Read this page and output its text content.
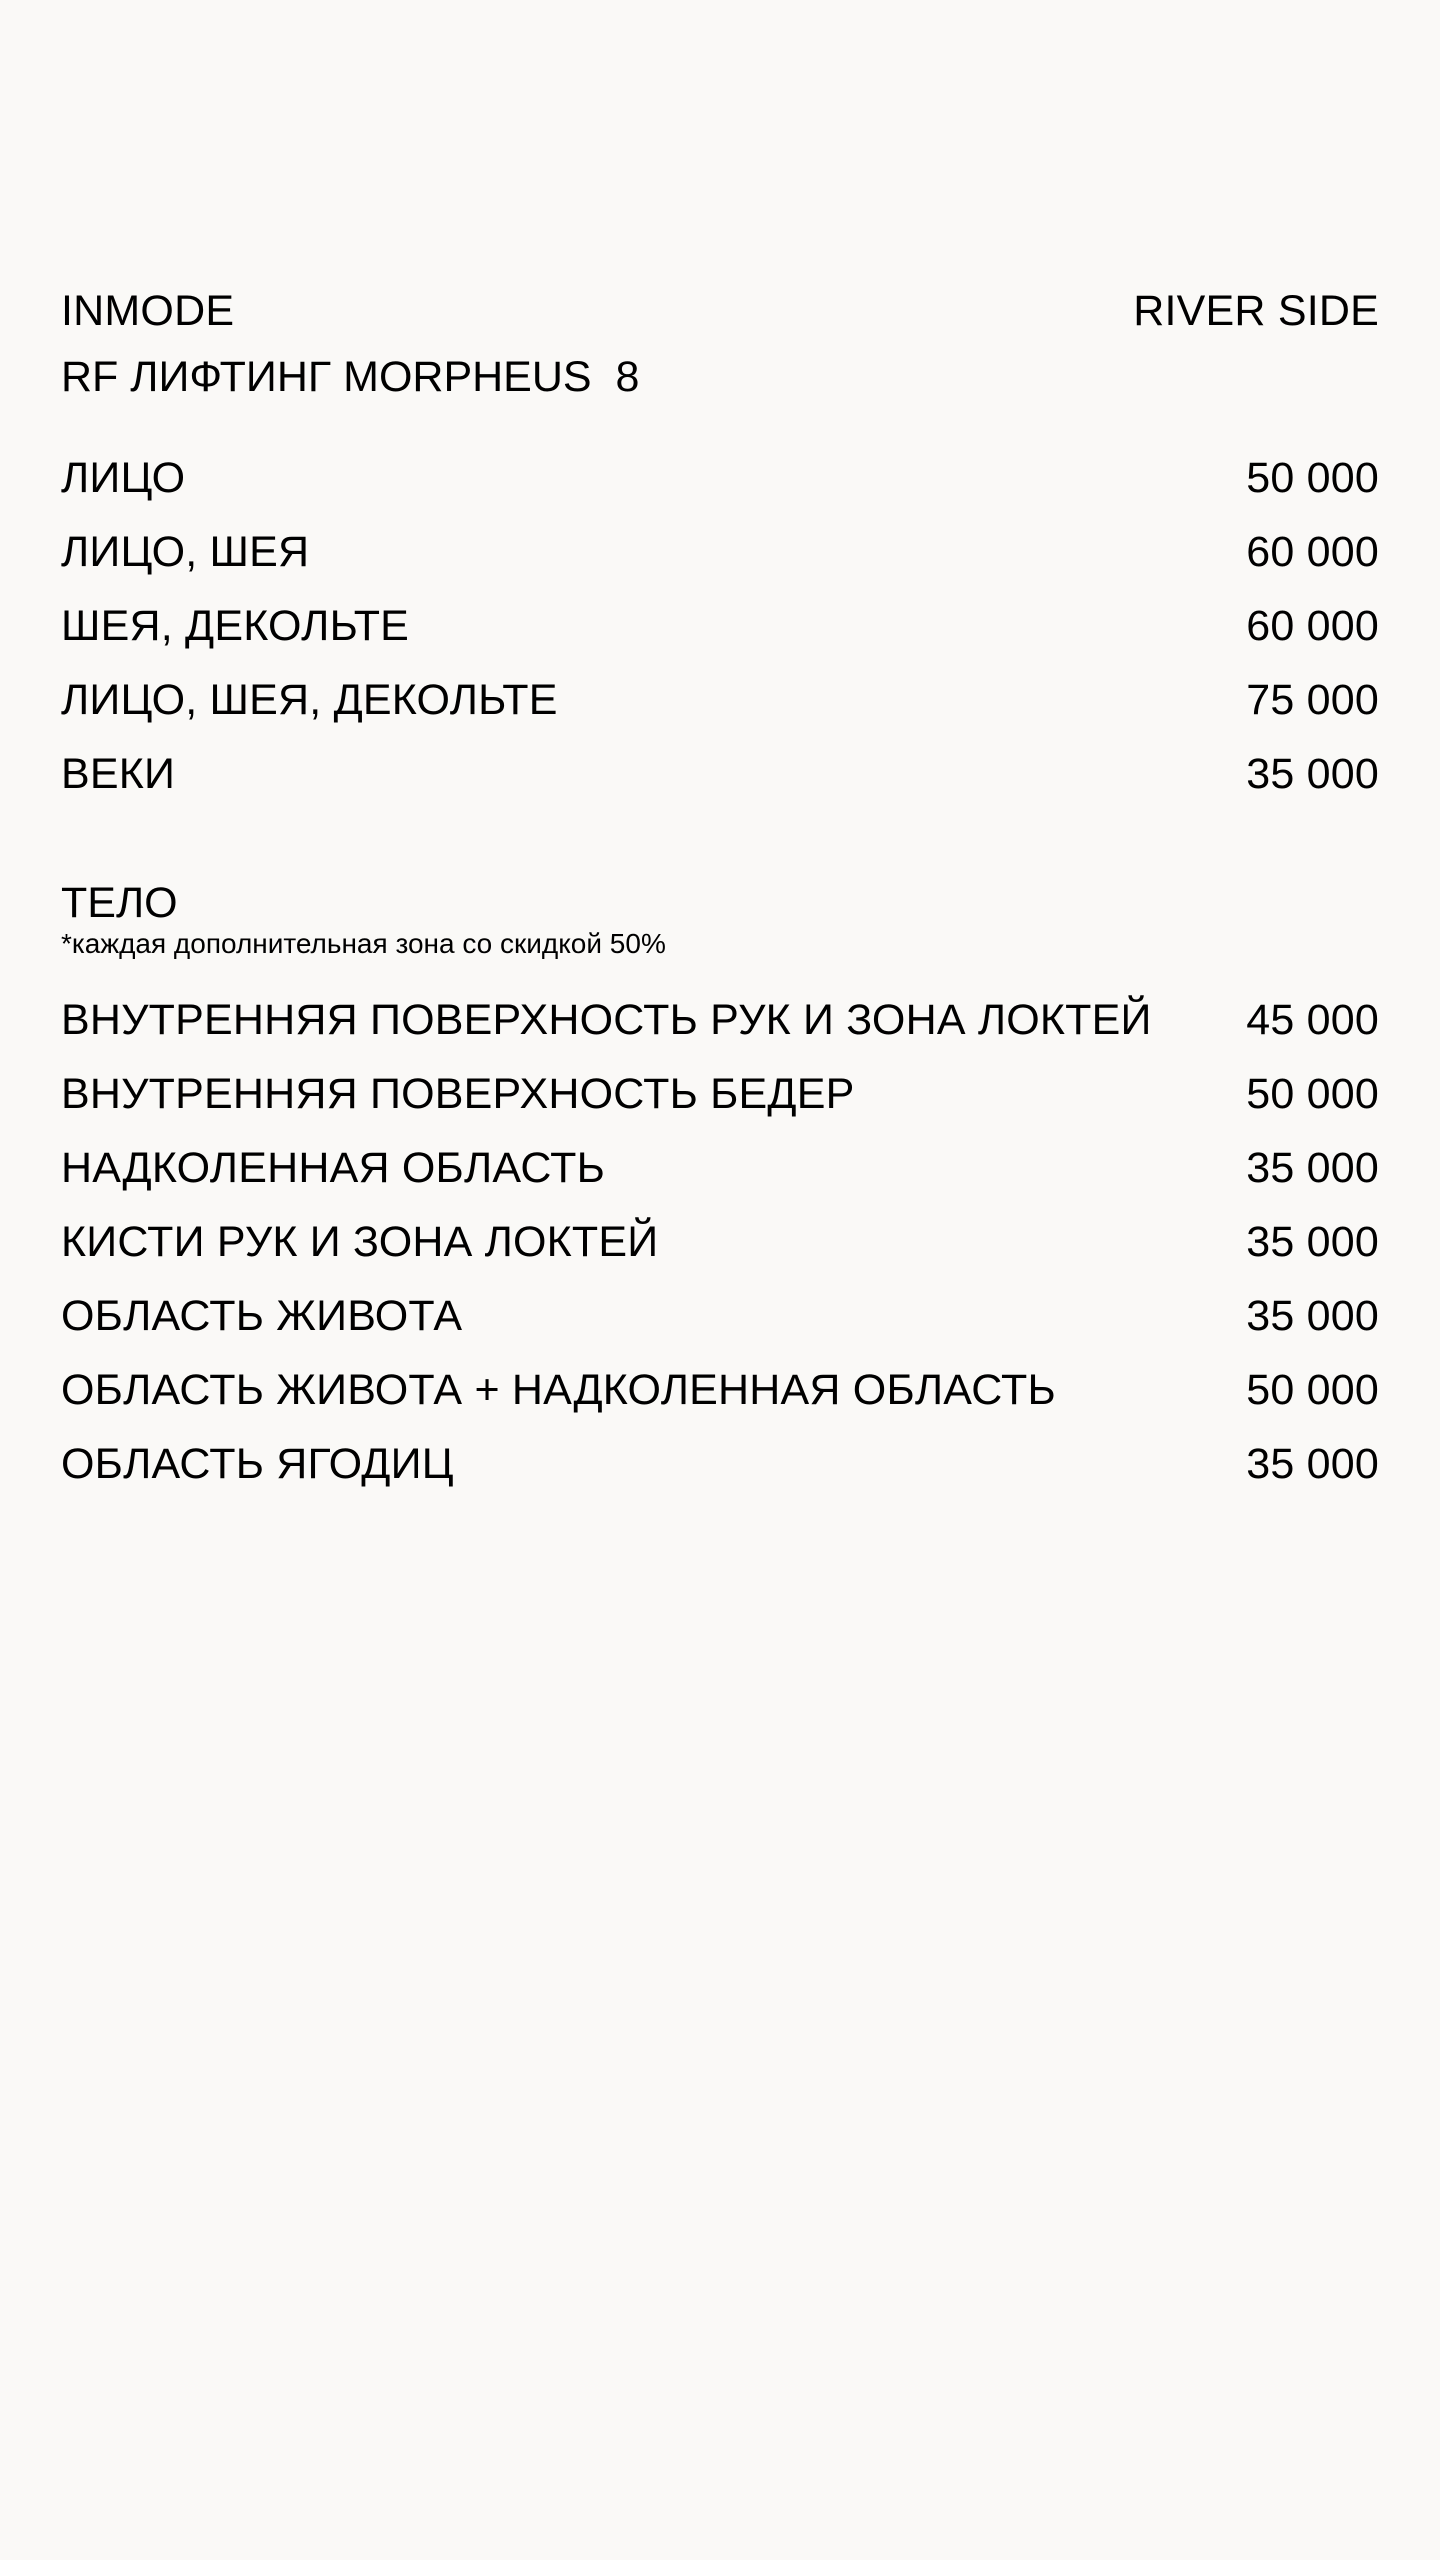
INMODE	RIVER SIDE
RF ЛИФТИНГ MORPHEUS  8
ЛИЦО	50 000
ЛИЦО, ШЕЯ	60 000
ШЕЯ, ДЕКОЛЬТЕ	60 000
ЛИЦО, ШЕЯ, ДЕКОЛЬТЕ	75 000
ВЕКИ	35 000
ТЕЛО
*каждая дополнительная зона со скидкой 50%
ВНУТРЕННЯЯ ПОВЕРХНОСТЬ РУК И ЗОНА ЛОКТЕЙ 45 000
ВНУТРЕННЯЯ ПОВЕРХНОСТЬ БЕДЕР	50 000
НАДКОЛЕННАЯ ОБЛАСТЬ	35 000
КИСТИ РУК И ЗОНА ЛОКТЕЙ	35 000
ОБЛАСТЬ ЖИВОТА	35 000
ОБЛАСТЬ ЖИВОТА + НАДКОЛЕННАЯ ОБЛАСТЬ	50 000
ОБЛАСТЬ ЯГОДИЦ	35 000
